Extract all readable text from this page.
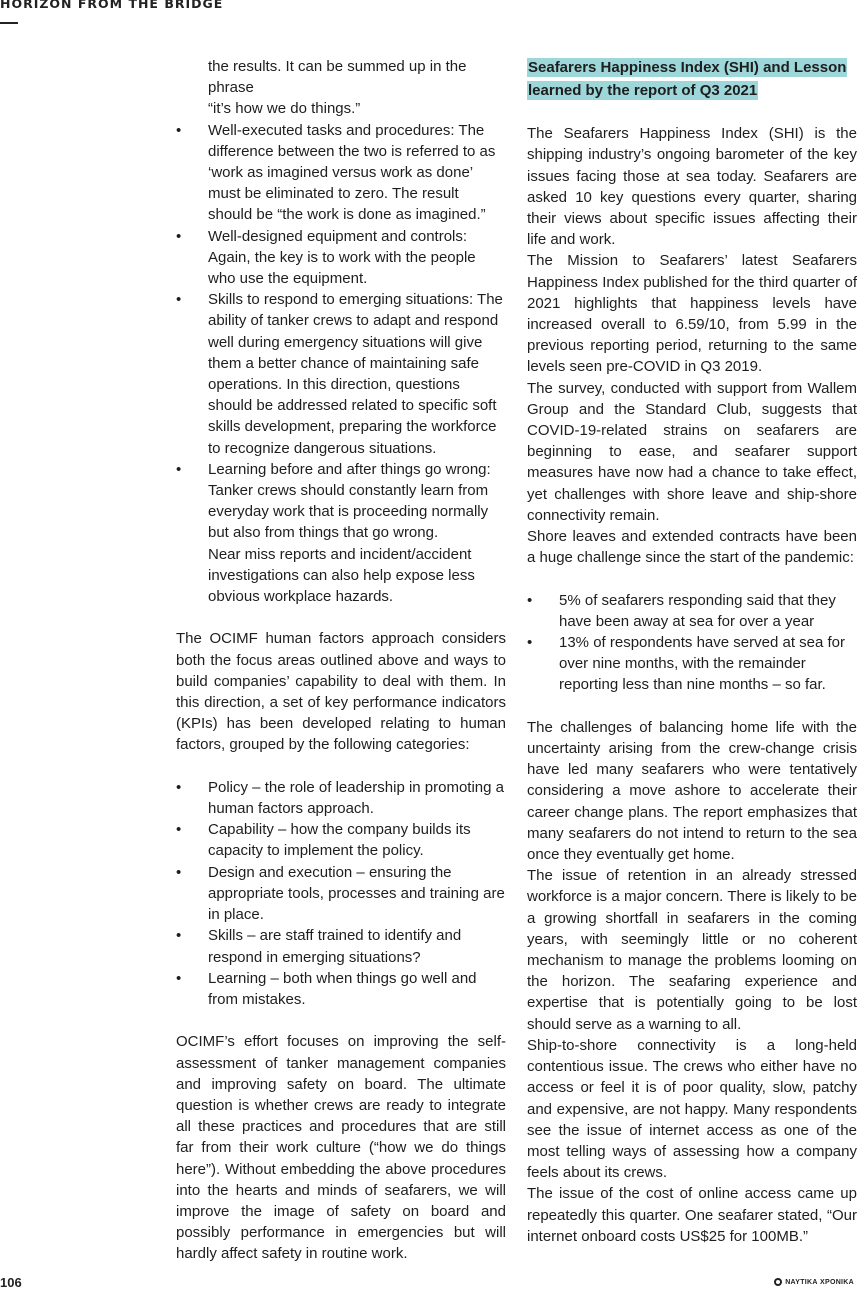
HORIZON FROM THE BRIDGE
the results. It can be summed up in the phrase
“it’s how we do things.”
• Well-executed tasks and procedures: The difference between the two is referred to as ‘work as imagined versus work as done’ must be eliminated to zero. The result should be “the work is done as imagined.”
• Well-designed equipment and controls: Again, the key is to work with the people who use the equipment.
• Skills to respond to emerging situations: The ability of tanker crews to adapt and respond well during emergency situations will give them a better chance of maintaining safe operations. In this direction, questions should be addressed related to specific soft skills development, preparing the workforce to recognize dangerous situations.
• Learning before and after things go wrong: Tanker crews should constantly learn from everyday work that is proceeding normally but also from things that go wrong.
Near miss reports and incident/accident investigations can also help expose less obvious workplace hazards.

The OCIMF human factors approach considers both the focus areas outlined above and ways to build companies’ capability to deal with them. In this direction, a set of key performance indicators (KPIs) has been developed relating to human factors, grouped by the following categories:

• Policy – the role of leadership in promoting a human factors approach.
• Capability – how the company builds its capacity to implement the policy.
• Design and execution – ensuring the appropriate tools, processes and training are in place.
• Skills – are staff trained to identify and respond in emerging situations?
• Learning – both when things go well and from mistakes.

OCIMF’s effort focuses on improving the self-assessment of tanker management companies and improving safety on board. The ultimate question is whether crews are ready to integrate all these practices and procedures that are still far from their work culture (“how we do things here”). Without embedding the above procedures into the hearts and minds of seafarers, we will improve the image of safety on board and possibly performance in emergencies but will hardly affect safety in routine work.

Seafarers Happiness Index (SHI) and Lesson learned by the report of Q3 2021

The Seafarers Happiness Index (SHI) is the shipping industry’s ongoing barometer of the key issues facing those at sea today. Seafarers are asked 10 key questions every quarter, sharing their views about specific issues affecting their life and work.

The Mission to Seafarers’ latest Seafarers Happiness Index published for the third quarter of 2021 highlights that happiness levels have increased overall to 6.59/10, from 5.99 in the previous reporting period, returning to the same levels seen pre-COVID in Q3 2019.

The survey, conducted with support from Wallem Group and the Standard Club, suggests that COVID-19-related strains on seafarers are beginning to ease, and seafarer support measures have now had a chance to take effect, yet challenges with shore leave and ship-shore connectivity remain.

Shore leaves and extended contracts have been a huge challenge since the start of the pandemic:

• 5% of seafarers responding said that they have been away at sea for over a year
• 13% of respondents have served at sea for over nine months, with the remainder reporting less than nine months – so far.

The challenges of balancing home life with the uncertainty arising from the crew-change crisis have led many seafarers who were tentatively considering a move ashore to accelerate their career change plans. The report emphasizes that many seafarers do not intend to return to the sea once they eventually get home.

The issue of retention in an already stressed workforce is a major concern. There is likely to be a growing shortfall in seafarers in the coming years, with seemingly little or no coherent mechanism to manage the problems looming on the horizon. The seafaring experience and expertise that is potentially going to be lost should serve as a warning to all.

Ship-to-shore connectivity is a long-held contentious issue. The crews who either have no access or feel it is of poor quality, slow, patchy and expensive, are not happy. Many respondents see the issue of internet access as one of the most telling ways of assessing how a company feels about its crews.

The issue of the cost of online access came up repeatedly this quarter. One seafarer stated, “Our internet onboard costs US$25 for 100MB.”

106	ΝΑΥΤΙΚΑ ΧΡΟΝΙΚΑ
